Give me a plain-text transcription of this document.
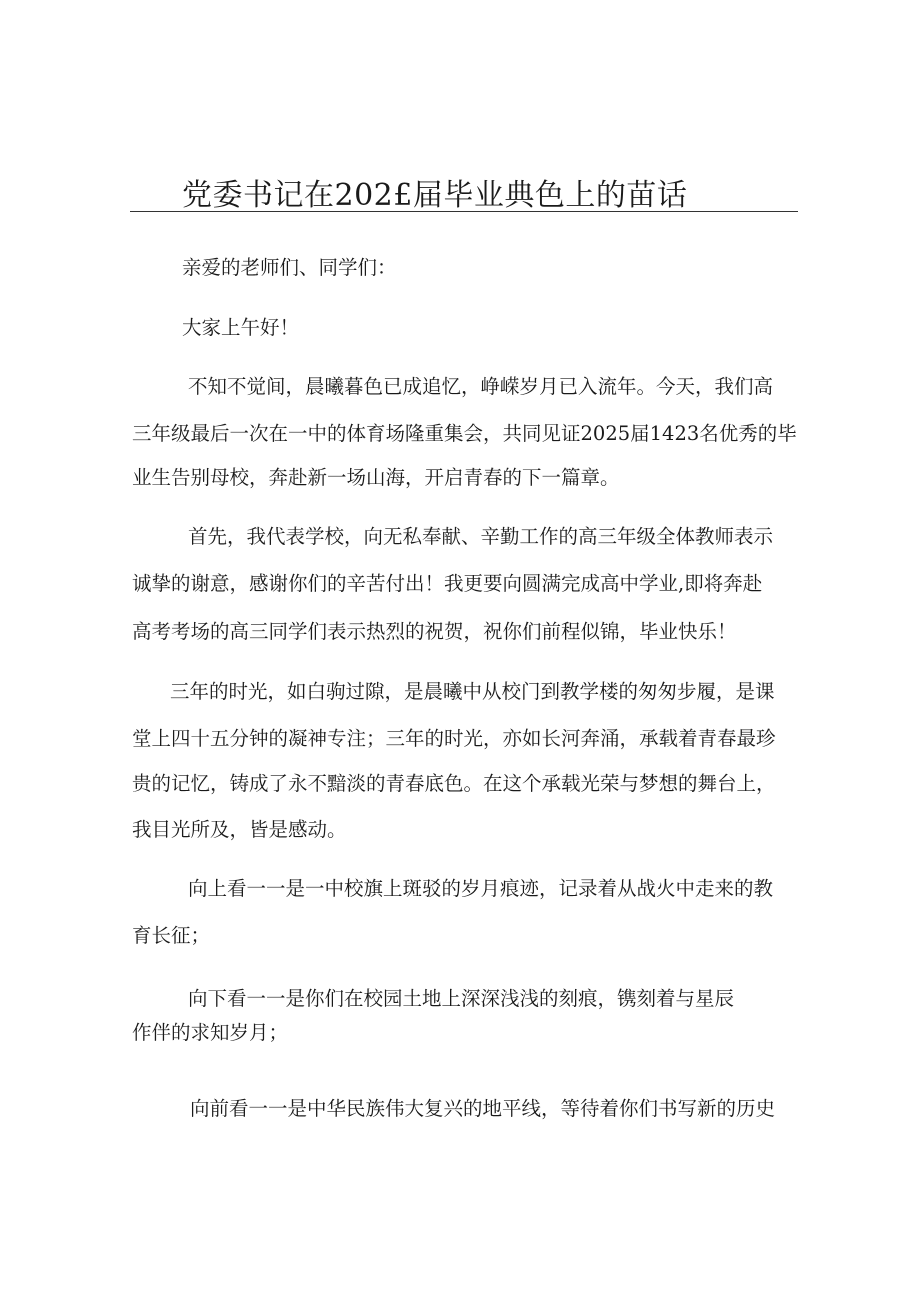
党委书记在202£届毕业典色上的苗话
亲爱的老师们、同学们：
大家上午好！
不知不觉间，晨曦暮色已成追忆，峥嵘岁月已入流年。今天，我们高
三年级最后一次在一中的体育场隆重集会，共同见证2025届1423名优秀的毕
业生告别母校，奔赴新一场山海，开启青春的下一篇章。
首先，我代表学校，向无私奉献、辛勤工作的高三年级全体教师表示
诚挚的谢意，感谢你们的辛苦付出！我更要向圆满完成高中学业,即将奔赴
高考考场的高三同学们表示热烈的祝贺，祝你们前程似锦，毕业快乐！
三年的时光，如白驹过隙，是晨曦中从校门到教学楼的匆匆步履，是课
堂上四十五分钟的凝神专注；三年的时光，亦如长河奔涌，承载着青春最珍
贵的记忆，铸成了永不黯淡的青春底色。在这个承载光荣与梦想的舞台上，
我目光所及，皆是感动。
向上看一一是一中校旗上斑驳的岁月痕迹，记录着从战火中走来的教
育长征；
向下看一一是你们在校园土地上深深浅浅的刻痕，镌刻着与星辰
作伴的求知岁月；
向前看一一是中华民族伟大复兴的地平线，等待着你们书写新的历史
